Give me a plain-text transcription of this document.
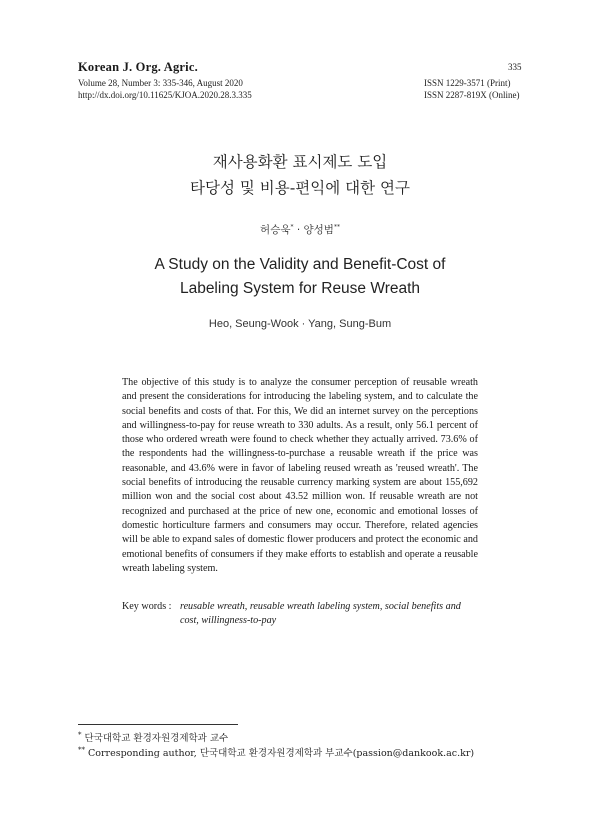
Korean J. Org. Agric.
Volume 28, Number 3: 335-346, August 2020
http://dx.doi.org/10.11625/KJOA.2020.28.3.335
335
ISSN 1229-3571 (Print)
ISSN 2287-819X (Online)
재사용화환 표시제도 도입
타당성 및 비용-편익에 대한 연구
허승욱* · 양성범**
A Study on the Validity and Benefit-Cost of
Labeling System for Reuse Wreath
Heo, Seung-Wook · Yang, Sung-Bum

The objective of this study is to analyze the consumer perception of reusable wreath and present the considerations for introducing the labeling system, and to calculate the social benefits and costs of that. For this, We did an internet survey on the perceptions and willingness-to-pay for reuse wreath to 330 adults. As a result, only 56.1 percent of those who ordered wreath were found to check whether they actually arrived. 73.6% of the respondents had the willingness-to-purchase a reusable wreath if the price was reasonable, and 43.6% were in favor of labeling reused wreath as 'reused wreath'. The social benefits of introducing the reusable currency marking system are about 155,692 million won and the social cost about 43.52 million won. If reusable wreath are not recognized and purchased at the price of new one, economic and emotional losses of domestic horticulture farmers and consumers may occur. Therefore, related agencies will be able to expand sales of domestic flower producers and protect the economic and emotional benefits of consumers if they make efforts to establish and operate a reusable wreath labeling system.

Key words : reusable wreath, reusable wreath labeling system, social benefits and cost, willingness-to-pay
* 단국대학교 환경자원경제학과 교수
** Corresponding author, 단국대학교 환경자원경제학과 부교수(passion@dankook.ac.kr)
